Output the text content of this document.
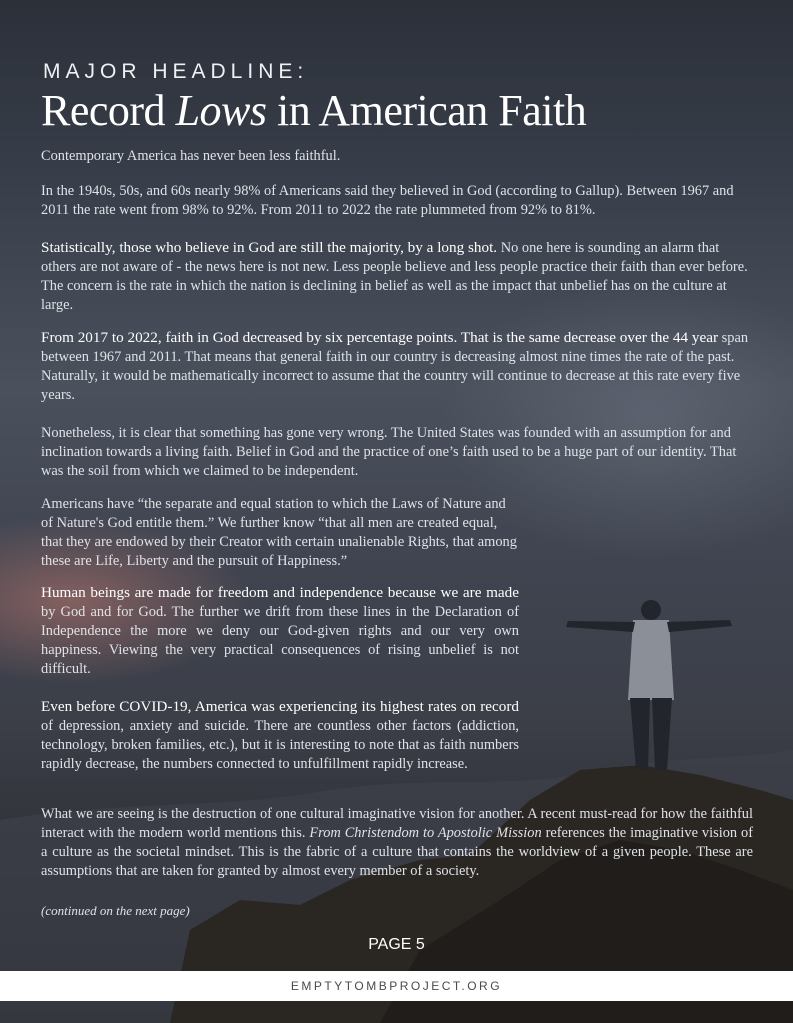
MAJOR HEADLINE:
Record Lows in American Faith

Contemporary America has never been less faithful.

In the 1940s, 50s, and 60s nearly 98% of Americans said they believed in God (according to Gallup). Between 1967 and 2011 the rate went from 98% to 92%. From 2011 to 2022 the rate plummeted from 92% to 81%.

Statistically, those who believe in God are still the majority, by a long shot. No one here is sounding an alarm that others are not aware of - the news here is not new. Less people believe and less people practice their faith than ever before. The concern is the rate in which the nation is declining in belief as well as the impact that unbelief has on the culture at large.

From 2017 to 2022, faith in God decreased by six percentage points. That is the same decrease over the 44 year span between 1967 and 2011. That means that general faith in our country is decreasing almost nine times the rate of the past. Naturally, it would be mathematically incorrect to assume that the country will continue to decrease at this rate every five years.

Nonetheless, it is clear that something has gone very wrong. The United States was founded with an assumption for and inclination towards a living faith. Belief in God and the practice of one’s faith used to be a huge part of our identity. That was the soil from which we claimed to be independent.

Americans have “the separate and equal station to which the Laws of Nature and of Nature's God entitle them.” We further know “that all men are created equal, that they are endowed by their Creator with certain unalienable Rights, that among these are Life, Liberty and the pursuit of Happiness.”

Human beings are made for freedom and independence because we are made by God and for God. The further we drift from these lines in the Declaration of Independence the more we deny our God-given rights and our very own happiness. Viewing the very practical consequences of rising unbelief is not difficult.

Even before COVID-19, America was experiencing its highest rates on record of depression, anxiety and suicide. There are countless other factors (addiction, technology, broken families, etc.), but it is interesting to note that as faith numbers rapidly decrease, the numbers connected to unfulfillment rapidly increase.

What we are seeing is the destruction of one cultural imaginative vision for another. A recent must-read for how the faithful interact with the modern world mentions this. From Christendom to Apostolic Mission references the imaginative vision of a culture as the societal mindset. This is the fabric of a culture that contains the worldview of a given people. These are assumptions that are taken for granted by almost every member of a society.

(continued on the next page)

PAGE 5
EMPTYTOMBPROJECT.ORG
